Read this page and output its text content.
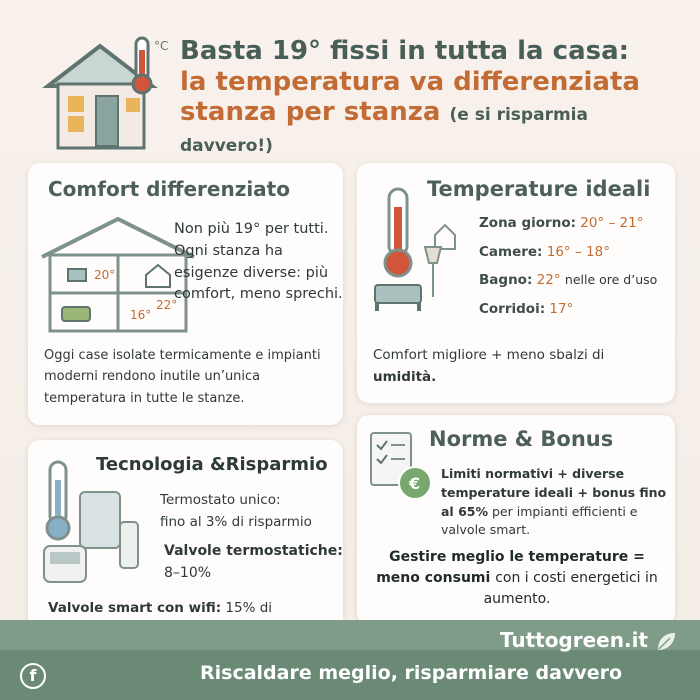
°C Basta 19° fissi in tutta la casa:
la temperatura va differenziata
stanza per stanza (e si risparmia davvero!)
Comfort differenziato
20°
16°
22°
Non più 19° per tutti. Ogni stanza ha esigenze diverse: più comfort, meno sprechi.
Oggi case isolate termicamente e impianti moderni rendono inutile un’unica temperatura in tutte le stanze.
Temperature ideali
Zona giorno: 20° – 21°
Camere: 16° – 18°
Bagno: 22° nelle ore d’uso
Corridoi: 17°
Comfort migliore + meno sbalzi di
umidità.
Tecnologia &Risparmio
Termostato unico:
fino al 3% di risparmio
Valvole termostatiche:
8–10%
Valvole smart con wifi: 15% di
Norme & Bonus
€
Limiti normativi + diverse temperature ideali + bonus fino al 65% per impianti efficienti e valvole smart.
Gestire meglio le temperature =
meno consumi con i costi energetici in aumento.
Tuttogreen.it
f	Riscaldare meglio, risparmiare davvero
